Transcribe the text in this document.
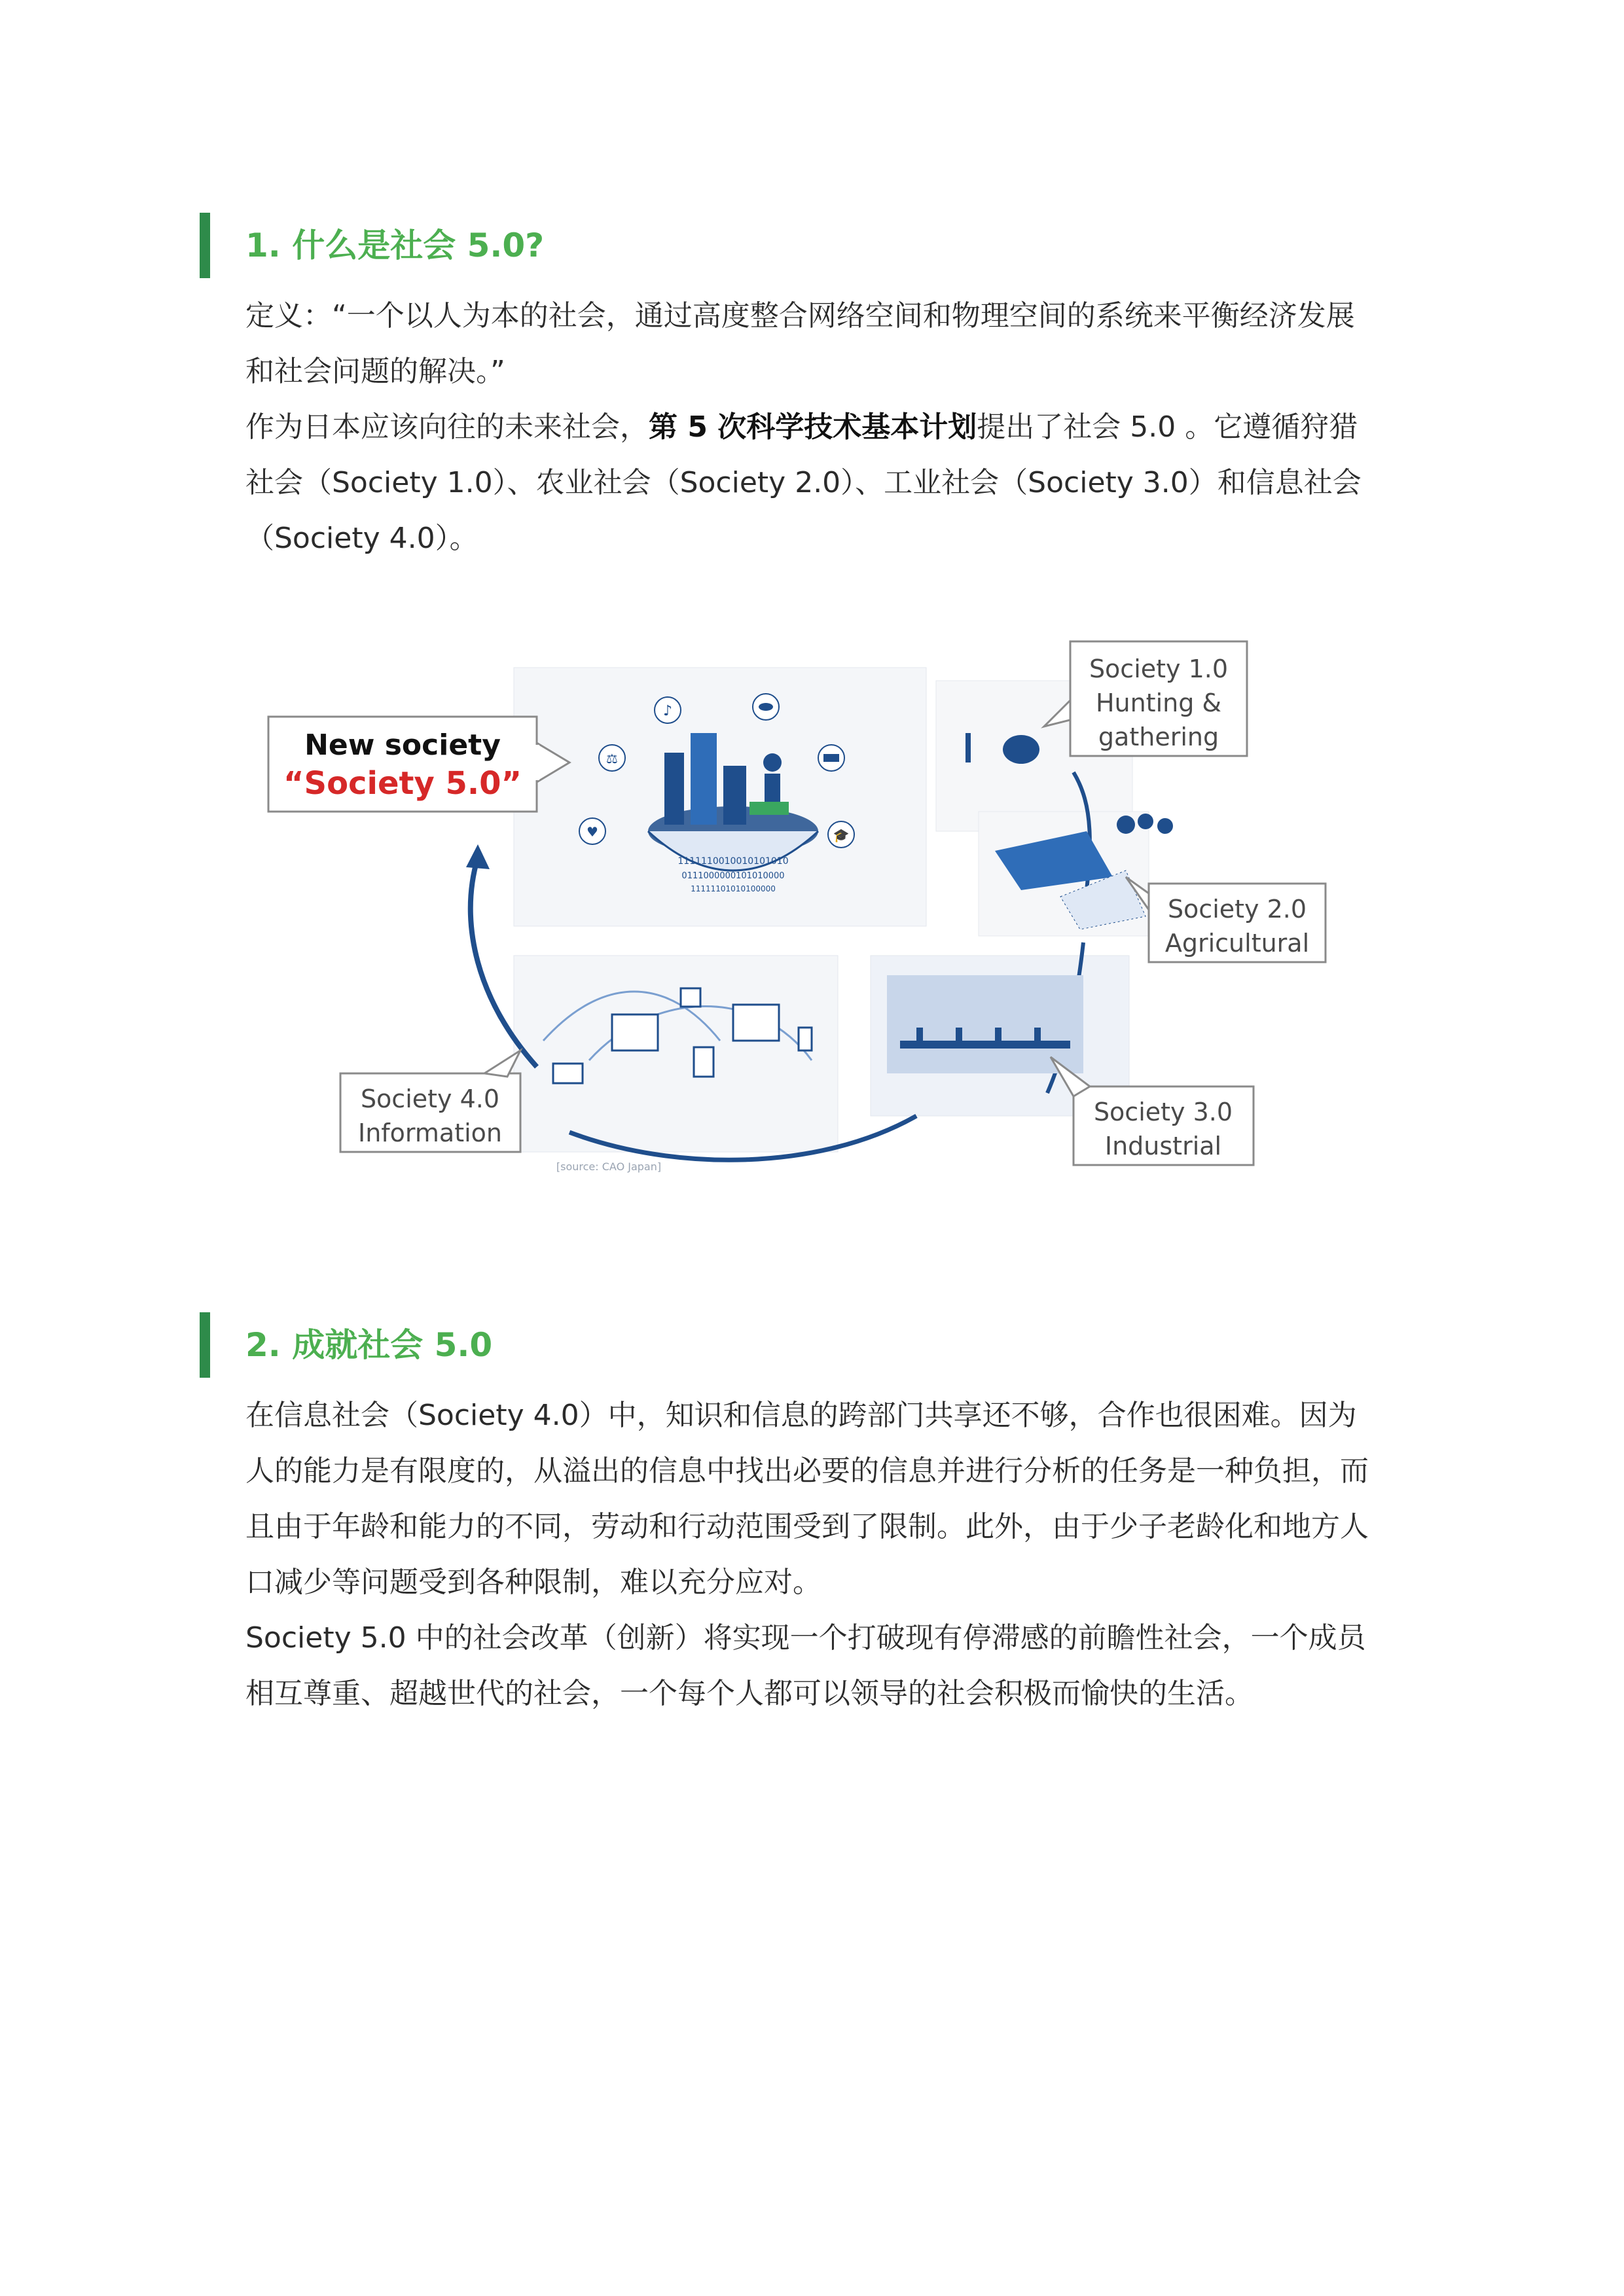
1. 什么是社会 5.0?

定义：“一个以人为本的社会，通过高度整合网络空间和物理空间的系统来平衡经济发展和社会问题的解决。”

作为日本应该向往的未来社会，第 5 次科学技术基本计划提出了社会 5.0 。它遵循狩猎社会（Society 1.0）、农业社会（Society 2.0）、工业社会（Society 3.0）和信息社会（Society 4.0）。

New society
“Society 5.0”
1111110010010101010
0111000000101010000
11111101010100000
♪
⚖
♥	🎓
Society 1.0
Hunting &
gathering
Society 2.0
Agricultural
Society 3.0
Industrial
Society 4.0
Information
[source: CAO Japan]
2. 成就社会 5.0

在信息社会（Society 4.0）中，知识和信息的跨部门共享还不够，合作也很困难。因为人的能力是有限度的，从溢出的信息中找出必要的信息并进行分析的任务是一种负担，而且由于年龄和能力的不同，劳动和行动范围受到了限制。此外，由于少子老龄化和地方人口减少等问题受到各种限制，难以充分应对。

Society 5.0 中的社会改革（创新）将实现一个打破现有停滞感的前瞻性社会，一个成员相互尊重、超越世代的社会，一个每个人都可以领导的社会积极而愉快的生活。
